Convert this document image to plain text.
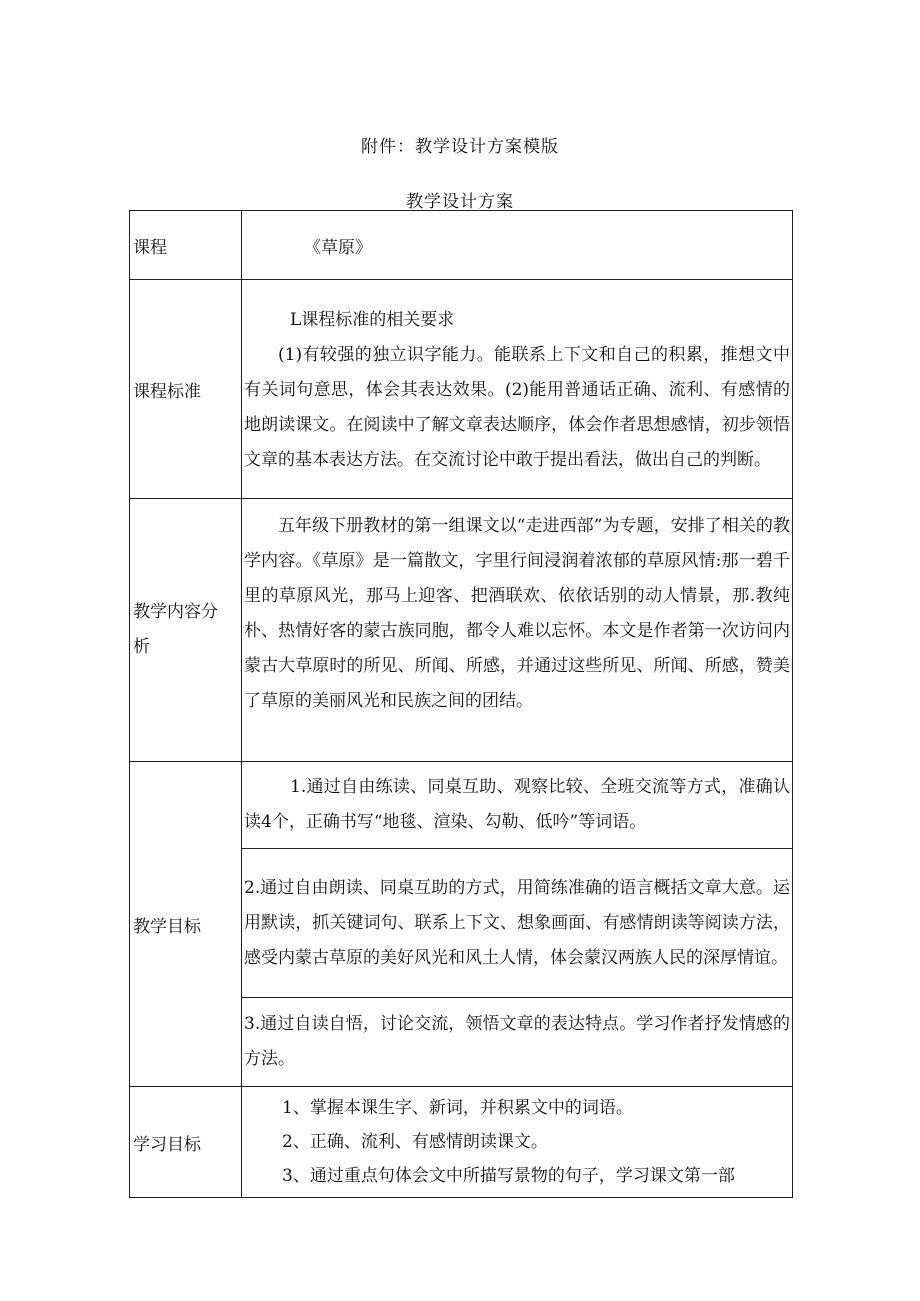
附件：教学设计方案模版
教学设计方案
课程	《草原》

课程标准	L课程标准的相关要求
(1)有较强的独立识字能力。能联系上下文和自己的积累，推想文中有关词句意思，体会其表达效果。(2)能用普通话正确、流利、有感情的地朗读课文。在阅读中了解文章表达顺序，体会作者思想感情，初步领悟文章的基本表达方法。在交流讨论中敢于提出看法，做出自己的判断。

教学内容分析	五年级下册教材的第一组课文以“走进西部”为专题，安排了相关的教学内容。《草原》是一篇散文，字里行间浸润着浓郁的草原风情:那一碧千里的草原风光，那马上迎客、把酒联欢、依依话别的动人情景，那.教纯朴、热情好客的蒙古族同胞，都令人难以忘怀。本文是作者第一次访问内蒙古大草原时的所见、所闻、所感，并通过这些所见、所闻、所感，赞美了草原的美丽风光和民族之间的团结。

教学目标	1.通过自由练读、同桌互助、观察比较、全班交流等方式，准确认读4个，正确书写“地毯、渲染、勾勒、低吟”等词语。

	2.通过自由朗读、同桌互助的方式，用简练准确的语言概括文章大意。运用默读，抓关键词句、联系上下文、想象画面、有感情朗读等阅读方法，感受内蒙古草原的美好风光和风土人情，体会蒙汉两族人民的深厚情谊。

	3.通过自读自悟，讨论交流，领悟文章的表达特点。学习作者抒发情感的方法。

学习目标	1、掌握本课生字、新词，并积累文中的词语。
2、正确、流利、有感情朗读课文。
3、通过重点句体会文中所描写景物的句子，学习课文第一部
